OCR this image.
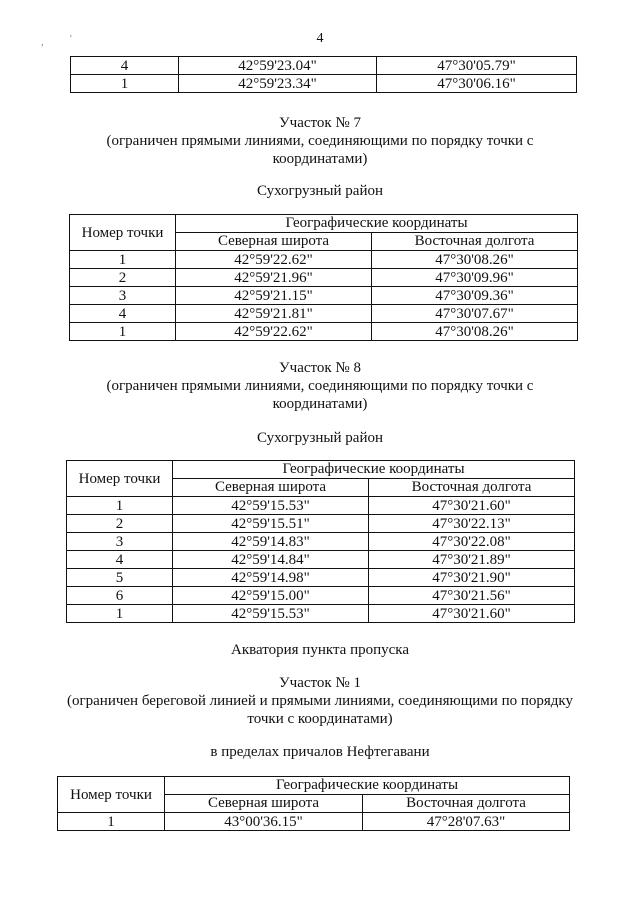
4
,	'
4	42°59'23.04"	47°30'05.79"
1	42°59'23.34"	47°30'06.16"
Участок № 7
(ограничен прямыми линиями, соединяющими по порядку точки с
координатами)
Сухогрузный район
Номер точки	Географические координаты	
	Северная широта	Восточная долгота
1	42°59'22.62"	47°30'08.26"
2	42°59'21.96"	47°30'09.96"
3	42°59'21.15"	47°30'09.36"
4	42°59'21.81"	47°30'07.67"
1	42°59'22.62"	47°30'08.26"
Участок № 8
(ограничен прямыми линиями, соединяющими по порядку точки с
координатами)
Сухогрузный район
Номер точки	Географические координаты	
	Северная широта	Восточная долгота
1	42°59'15.53"	47°30'21.60"
2	42°59'15.51"	47°30'22.13"
3	42°59'14.83"	47°30'22.08"
4	42°59'14.84"	47°30'21.89"
5	42°59'14.98"	47°30'21.90"
6	42°59'15.00"	47°30'21.56"
1	42°59'15.53"	47°30'21.60"
Акватория пункта пропуска
Участок № 1
(ограничен береговой линией и прямыми линиями, соединяющими по порядку
точки с координатами)
в пределах причалов Нефтегавани
Номер точки	Географические координаты	
	Северная широта	Восточная долгота
1	43°00'36.15"	47°28'07.63"
